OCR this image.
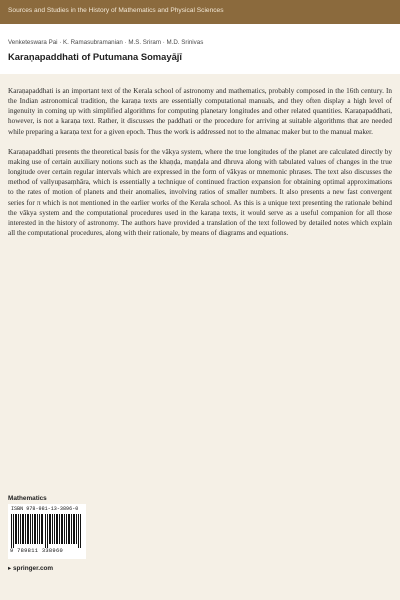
Sources and Studies in the History of Mathematics and Physical Sciences
Venketeswara Pai · K. Ramasubramanian · M.S. Sriram · M.D. Srinivas
Karaṇapaddhati of Putumana Somayājī

Karaṇapaddhati is an important text of the Kerala school of astronomy and mathematics, probably composed in the 16th century. In the Indian astronomical tradition, the karaṇa texts are essentially computational manuals, and they often display a high level of ingenuity in coming up with simplified algorithms for computing planetary longitudes and other related quantities. Karaṇapaddhati, however, is not a karaṇa text. Rather, it discusses the paddhati or the procedure for arriving at suitable algorithms that are needed while preparing a karaṇa text for a given epoch. Thus the work is addressed not to the almanac maker but to the manual maker.

Karaṇapaddhati presents the theoretical basis for the vākya system, where the true longitudes of the planet are calculated directly by making use of certain auxiliary notions such as the khaṇḍa, maṇḍala and dhruva along with tabulated values of changes in the true longitude over certain regular intervals which are expressed in the form of vākyas or mnemonic phrases. The text also discusses the method of vallyupasaṃhāra, which is essentially a technique of continued fraction expansion for obtaining optimal approximations to the rates of motion of planets and their anomalies, involving ratios of smaller numbers. It also presents a new fast convergent series for π which is not mentioned in the earlier works of the Kerala school. As this is a unique text presenting the rationale behind the vākya system and the computational procedures used in the karaṇa texts, it would serve as a useful companion for all those interested in the history of astronomy. The authors have provided a translation of the text followed by detailed notes which explain all the computational procedures, along with their rationale, by means of diagrams and equations.

Mathematics
ISBN 978-981-13-3896-0
9 789811 338960
▸ springer.com
